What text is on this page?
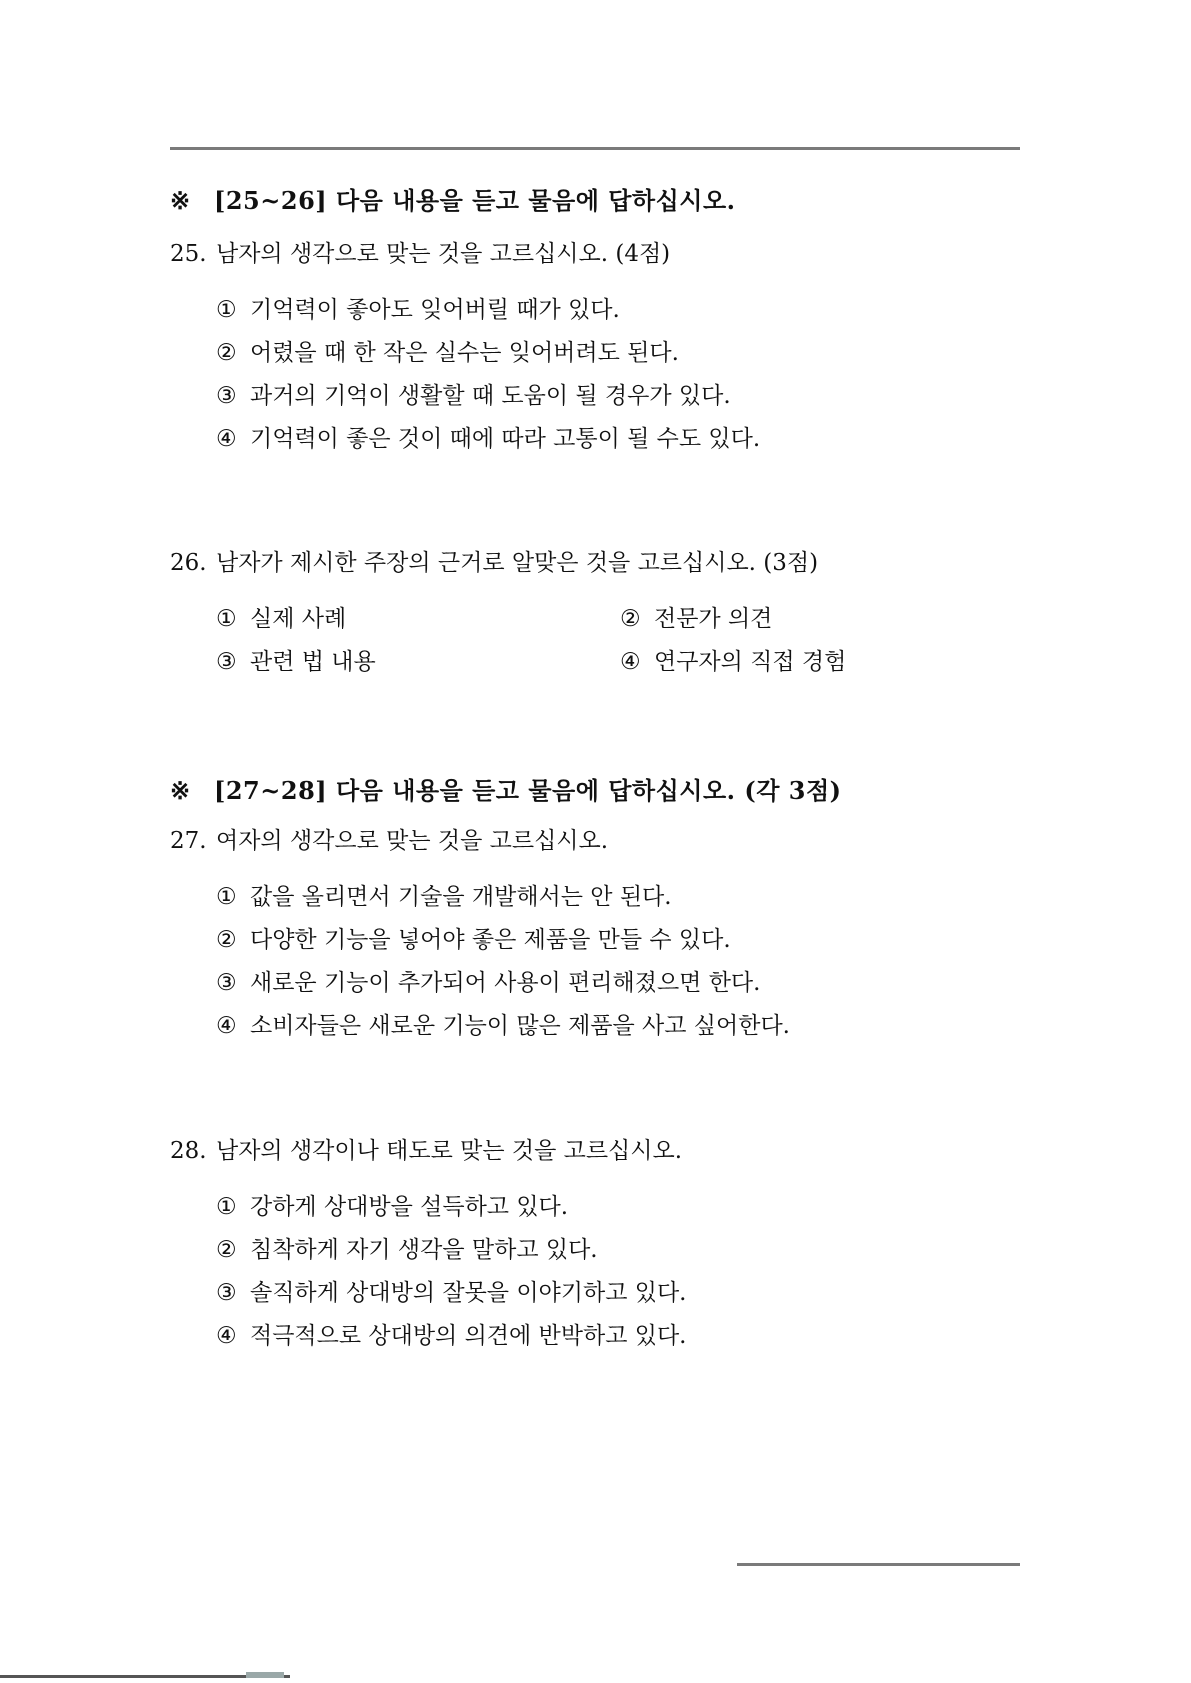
※ [25~26] 다음 내용을 듣고 물음에 답하십시오.
25. 남자의 생각으로 맞는 것을 고르십시오. (4점)
① 기억력이 좋아도 잊어버릴 때가 있다.
② 어렸을 때 한 작은 실수는 잊어버려도 된다.
③ 과거의 기억이 생활할 때 도움이 될 경우가 있다.
④ 기억력이 좋은 것이 때에 따라 고통이 될 수도 있다.
26. 남자가 제시한 주장의 근거로 알맞은 것을 고르십시오. (3점)
① 실제 사례	② 전문가 의견
③ 관련 법 내용	④ 연구자의 직접 경험
※ [27~28] 다음 내용을 듣고 물음에 답하십시오. (각 3점)
27. 여자의 생각으로 맞는 것을 고르십시오.
① 값을 올리면서 기술을 개발해서는 안 된다.
② 다양한 기능을 넣어야 좋은 제품을 만들 수 있다.
③ 새로운 기능이 추가되어 사용이 편리해졌으면 한다.
④ 소비자들은 새로운 기능이 많은 제품을 사고 싶어한다.
28. 남자의 생각이나 태도로 맞는 것을 고르십시오.
① 강하게 상대방을 설득하고 있다.
② 침착하게 자기 생각을 말하고 있다.
③ 솔직하게 상대방의 잘못을 이야기하고 있다.
④ 적극적으로 상대방의 의견에 반박하고 있다.
